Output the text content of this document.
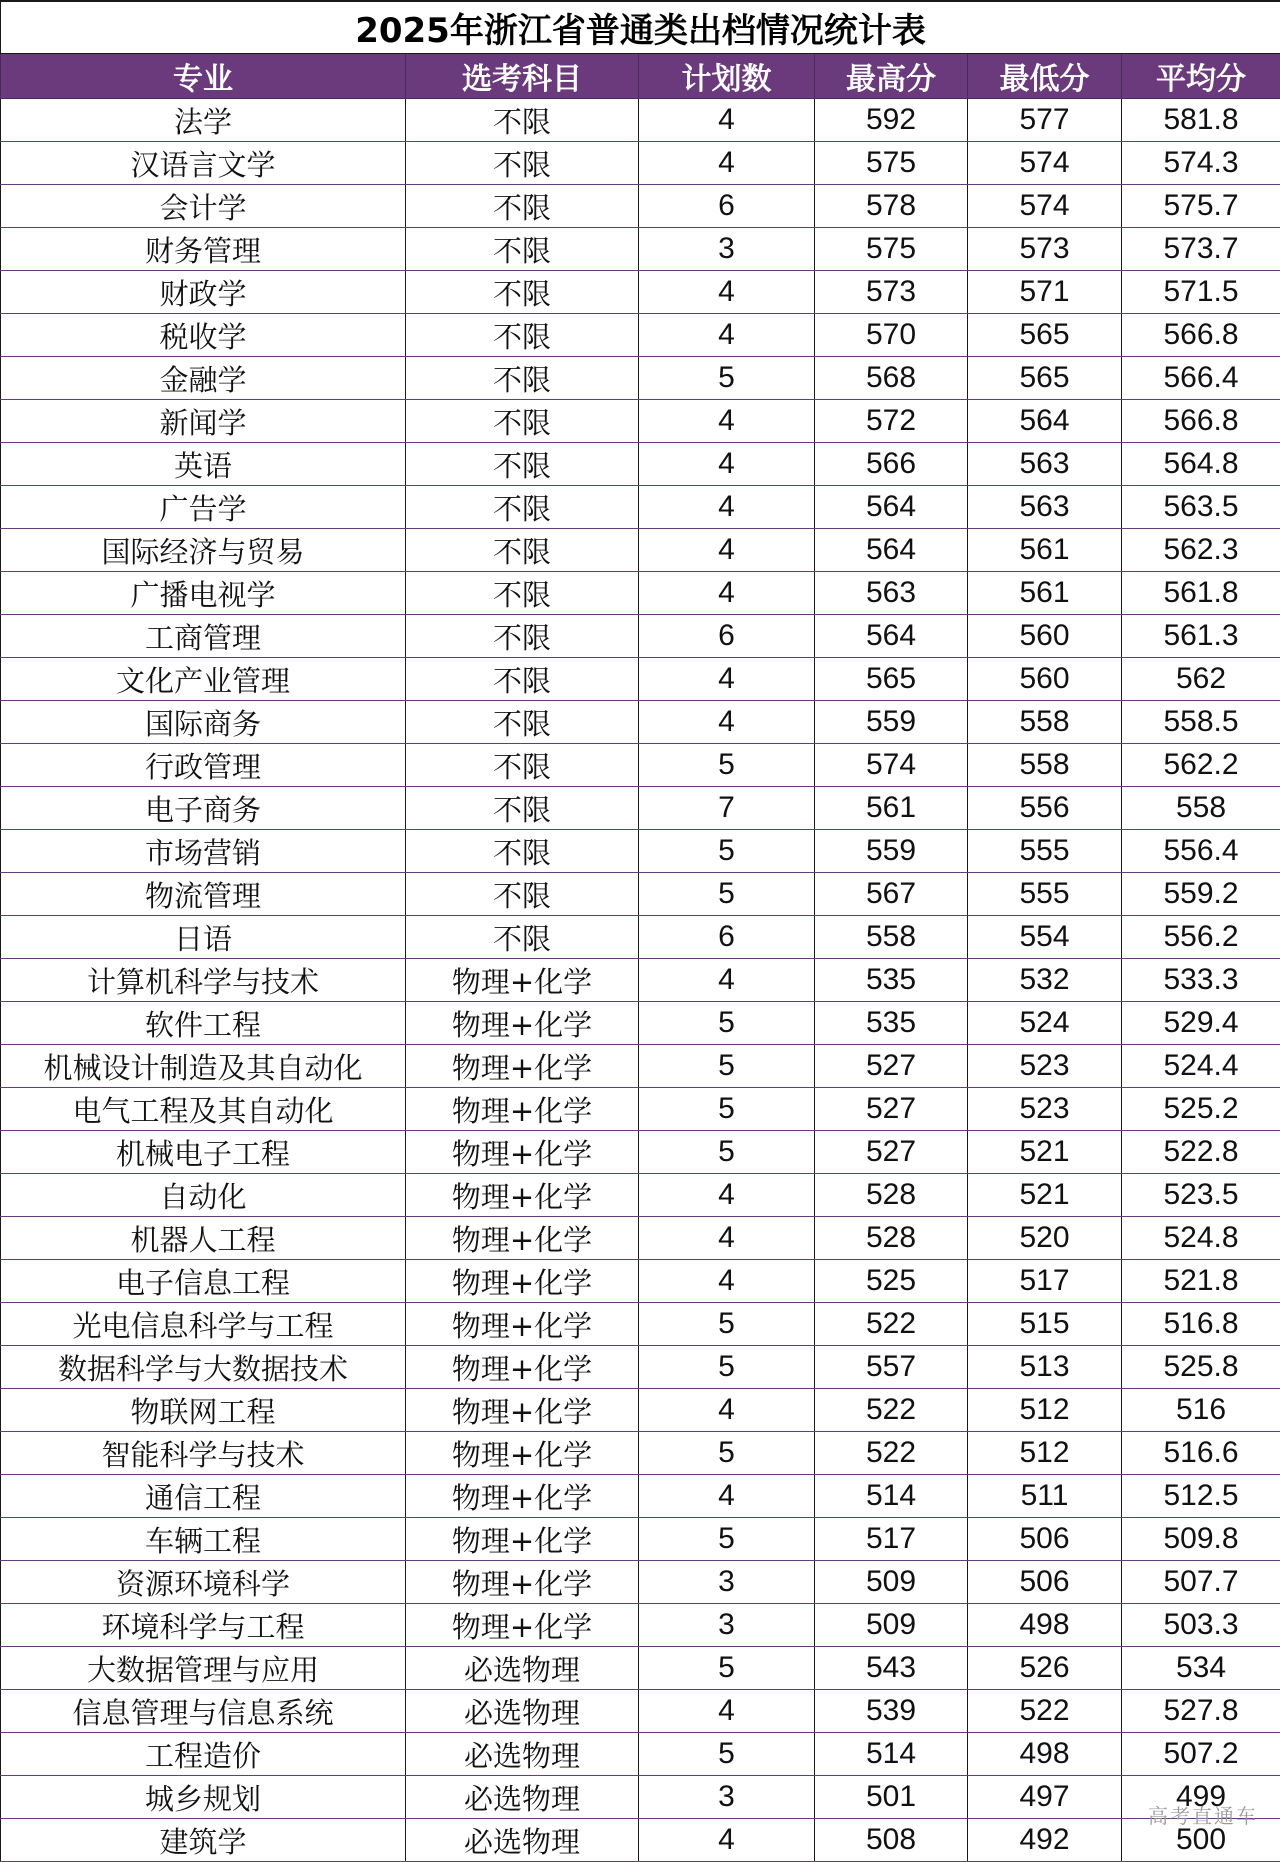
2025年浙江省普通类出档情况统计表					
专业	选考科目	计划数	最高分	最低分	平均分
法学	不限	4	592	577	581.8
汉语言文学	不限	4	575	574	574.3
会计学	不限	6	578	574	575.7
财务管理	不限	3	575	573	573.7
财政学	不限	4	573	571	571.5
税收学	不限	4	570	565	566.8
金融学	不限	5	568	565	566.4
新闻学	不限	4	572	564	566.8
英语	不限	4	566	563	564.8
广告学	不限	4	564	563	563.5
国际经济与贸易	不限	4	564	561	562.3
广播电视学	不限	4	563	561	561.8
工商管理	不限	6	564	560	561.3
文化产业管理	不限	4	565	560	562
国际商务	不限	4	559	558	558.5
行政管理	不限	5	574	558	562.2
电子商务	不限	7	561	556	558
市场营销	不限	5	559	555	556.4
物流管理	不限	5	567	555	559.2
日语	不限	6	558	554	556.2
计算机科学与技术	物理+化学	4	535	532	533.3
软件工程	物理+化学	5	535	524	529.4
机械设计制造及其自动化	物理+化学	5	527	523	524.4
电气工程及其自动化	物理+化学	5	527	523	525.2
机械电子工程	物理+化学	5	527	521	522.8
自动化	物理+化学	4	528	521	523.5
机器人工程	物理+化学	4	528	520	524.8
电子信息工程	物理+化学	4	525	517	521.8
光电信息科学与工程	物理+化学	5	522	515	516.8
数据科学与大数据技术	物理+化学	5	557	513	525.8
物联网工程	物理+化学	4	522	512	516
智能科学与技术	物理+化学	5	522	512	516.6
通信工程	物理+化学	4	514	511	512.5
车辆工程	物理+化学	5	517	506	509.8
资源环境科学	物理+化学	3	509	506	507.7
环境科学与工程	物理+化学	3	509	498	503.3
大数据管理与应用	必选物理	5	543	526	534
信息管理与信息系统	必选物理	4	539	522	527.8
工程造价	必选物理	5	514	498	507.2
城乡规划	必选物理	3	501	497	499
建筑学	必选物理	4	508	492	500
高考直通车
